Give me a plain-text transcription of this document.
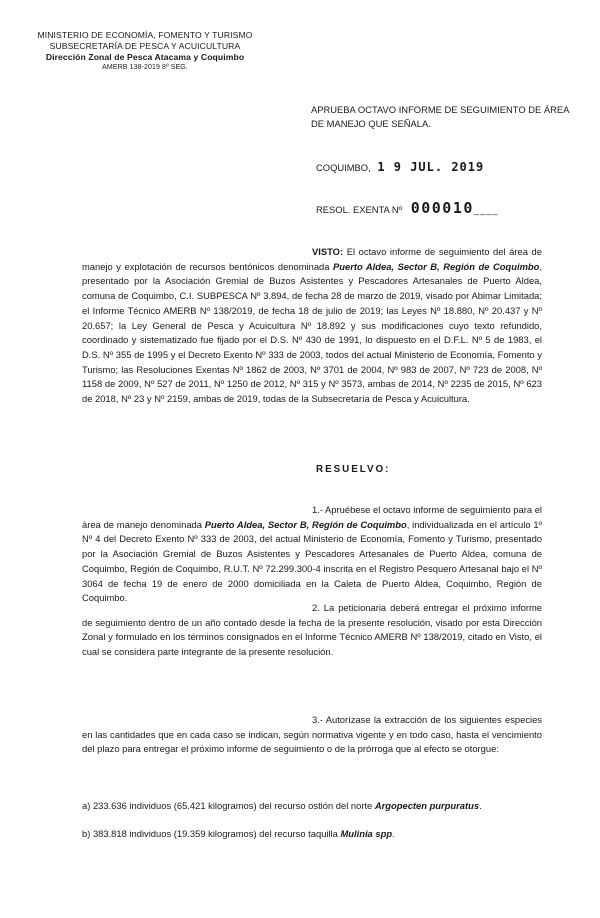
MINISTERIO DE ECONOMÍA, FOMENTO Y TURISMO
SUBSECRETARÍA DE PESCA Y ACUICULTURA
Dirección Zonal de Pesca Atacama y Coquimbo
AMERB 138-2019 8º SEG.
APRUEBA OCTAVO INFORME DE SEGUIMIENTO DE ÁREA DE MANEJO QUE SEÑALA.
COQUIMBO, 1 9 JUL. 2019
RESOL. EXENTA Nº 000010____
VISTO: El octavo informe de seguimiento del área de manejo y explotación de recursos bentónicos denominada Puerto Aldea, Sector B, Región de Coquimbo, presentado por la Asociación Gremial de Buzos Asistentes y Pescadores Artesanales de Puerto Aldea, comuna de Coquimbo, C.I. SUBPESCA Nº 3.894, de fecha 28 de marzo de 2019, visado por Abimar Limitada; el Informe Técnico AMERB Nº 138/2019, de fecha 18 de julio de 2019; las Leyes Nº 18.880, Nº 20.437 y Nº 20.657; la Ley General de Pesca y Acuicultura Nº 18.892 y sus modificaciones cuyo texto refundido, coordinado y sistematizado fue fijado por el D.S. Nº 430 de 1991, lo dispuesto en el D.F.L. Nº 5 de 1983, el D.S. Nº 355 de 1995 y el Decreto Exento Nº 333 de 2003, todos del actual Ministerio de Economía, Fomento y Turismo; las Resoluciones Exentas Nº 1862 de 2003, Nº 3701 de 2004, Nº 983 de 2007, Nº 723 de 2008, Nº 1158 de 2009, Nº 527 de 2011, Nº 1250 de 2012, Nº 315 y Nº 3573, ambas de 2014, Nº 2235 de 2015, Nº 623 de 2018, Nº 23 y Nº 2159, ambas de 2019, todas de la Subsecretaría de Pesca y Acuicultura.
RESUELVO:
1.- Apruébese el octavo informe de seguimiento para el área de manejo denominada Puerto Aldea, Sector B, Región de Coquimbo, individualizada en el artículo 1º Nº 4 del Decreto Exento Nº 333 de 2003, del actual Ministerio de Economía, Fomento y Turismo, presentado por la Asociación Gremial de Buzos Asistentes y Pescadores Artesanales de Puerto Aldea, comuna de Coquimbo, Región de Coquimbo, R.U.T. Nº 72.299.300-4 inscrita en el Registro Pesquero Artesanal bajo el Nº 3064 de fecha 19 de enero de 2000 domiciliada en la Caleta de Puerto Aldea, Coquimbo, Región de Coquimbo.
2. La peticionaria deberá entregar el próximo informe de seguimiento dentro de un año contado desde la fecha de la presente resolución, visado por esta Dirección Zonal y formulado en los términos consignados en el Informe Técnico AMERB Nº 138/2019, citado en Visto, el cual se considera parte integrante de la presente resolución.
3.- Autorízase la extracción de los siguientes especies en las cantidades que en cada caso se indican, según normativa vigente y en todo caso, hasta el vencimiento del plazo para entregar el próximo informe de seguimiento o de la prórroga que al efecto se otorgue:
a) 233.636 individuos (65.421 kilogramos) del recurso ostión del norte Argopecten purpuratus.
b) 383.818 individuos (19.359 kilogramos) del recurso taquilla Mulinia spp.
